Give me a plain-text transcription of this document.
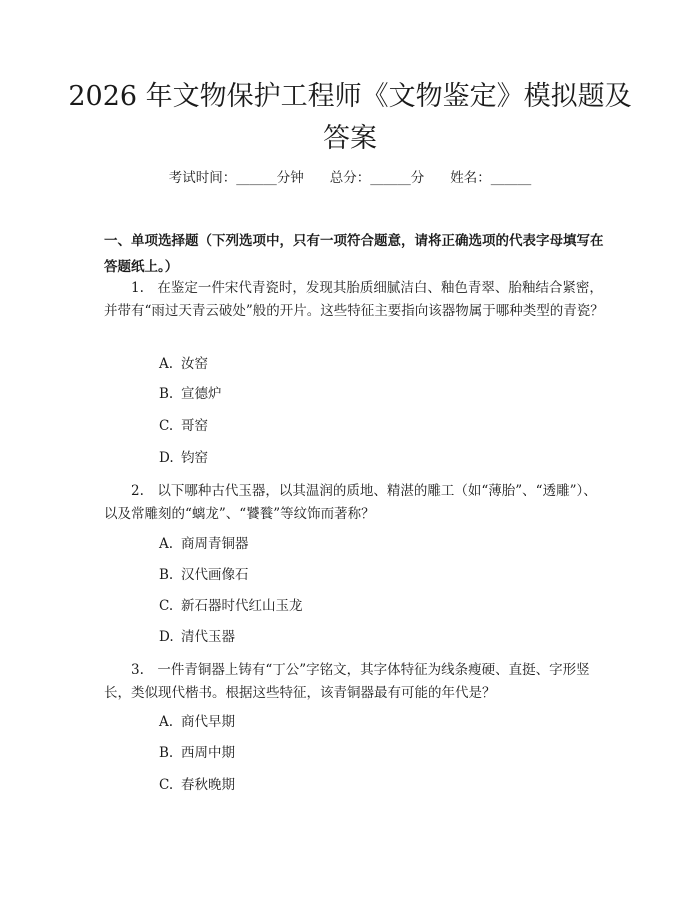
2026 年文物保护工程师《文物鉴定》模拟题及答案
考试时间：______分钟 总分：______分 姓名：______

一、单项选择题（下列选项中，只有一项符合题意，请将正确选项的代表字母填写在答题纸上。）

1.　在鉴定一件宋代青瓷时，发现其胎质细腻洁白、釉色青翠、胎釉结合紧密，并带有“雨过天青云破处”般的开片。这些特征主要指向该器物属于哪种类型的青瓷？

A. 汝窑

B. 宣德炉

C. 哥窑

D. 钧窑

2.　以下哪种古代玉器，以其温润的质地、精湛的雕工（如“薄胎”、“透雕”）、以及常雕刻的“螭龙”、“饕餮”等纹饰而著称？

A. 商周青铜器

B. 汉代画像石

C. 新石器时代红山玉龙

D. 清代玉器

3.　一件青铜器上铸有“丁公”字铭文，其字体特征为线条瘦硬、直挺、字形竖长，类似现代楷书。根据这些特征，该青铜器最有可能的年代是？

A. 商代早期

B. 西周中期

C. 春秋晚期
